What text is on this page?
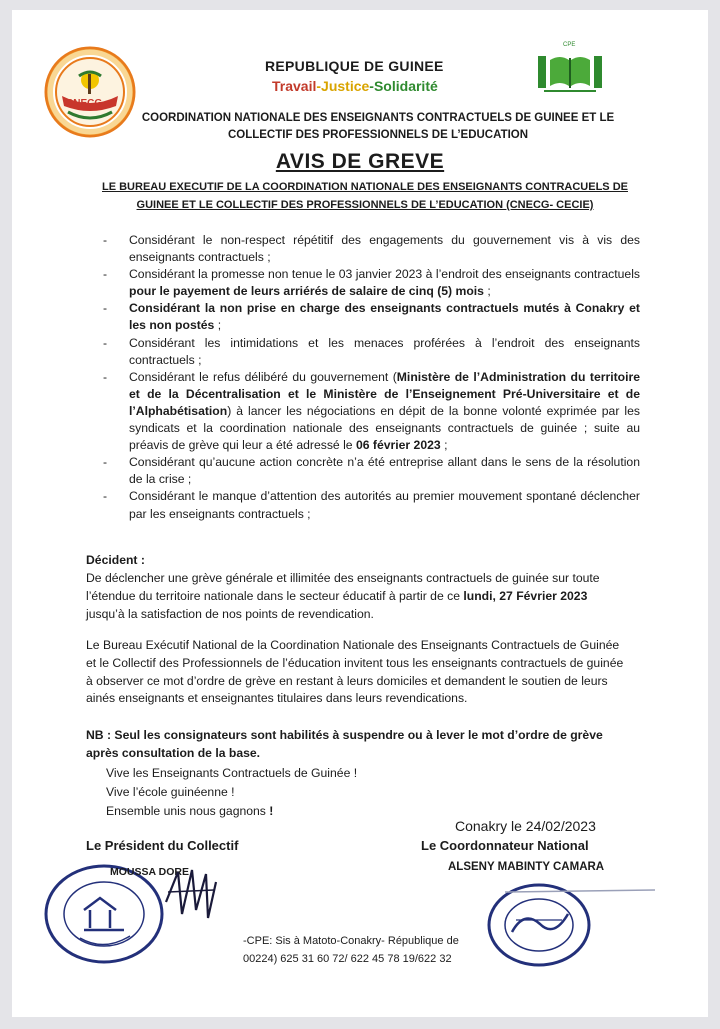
CNECG
CPE
REPUBLIQUE DE GUINEE
Travail-Justice-Solidarité
COORDINATION NATIONALE DES ENSEIGNANTS CONTRACTUELS DE GUINEE ET LE COLLECTIF DES PROFESSIONNELS DE L’EDUCATION
AVIS DE GREVE
LE BUREAU EXECUTIF DE LA COORDINATION NATIONALE DES ENSEIGNANTS CONTRACUELS DE GUINEE ET LE COLLECTIF DES PROFESSIONNELS DE L’EDUCATION (CNECG- CECIE)
- Considérant le non-respect répétitif des engagements du gouvernement vis à vis des enseignants contractuels ;
- Considérant la promesse non tenue le 03 janvier 2023 à l’endroit des enseignants contractuels pour le payement de leurs arriérés de salaire de cinq (5) mois ;
- Considérant la non prise en charge des enseignants contractuels mutés à Conakry et les non postés ;
- Considérant les intimidations et les menaces proférées à l’endroit des enseignants contractuels ;
- Considérant le refus délibéré du gouvernement (Ministère de l’Administration du territoire et de la Décentralisation et le Ministère de l’Enseignement Pré-Universitaire et de l’Alphabétisation) à lancer les négociations en dépit de la bonne volonté exprimée par les syndicats et la coordination nationale des enseignants contractuels de guinée ; suite au préavis de grève qui leur a été adressé le 06 février 2023 ;
- Considérant qu’aucune action concrète n’a été entreprise allant dans le sens de la résolution de la crise ;
- Considérant le manque d’attention des autorités au premier mouvement spontané déclencher par les enseignants contractuels ;
Décident :
De déclencher une grève générale et illimitée des enseignants contractuels de guinée sur toute l’étendue du territoire nationale dans le secteur éducatif à partir de ce lundi, 27 Février 2023 jusqu’à la satisfaction de nos points de revendication.
Le Bureau Exécutif National de la Coordination Nationale des Enseignants Contractuels de Guinée et le Collectif des Professionnels de l’éducation invitent tous les enseignants contractuels de guinée à observer ce mot d’ordre de grève en restant à leurs domiciles et demandent le soutien de leurs ainés enseignants et enseignantes titulaires dans leurs revendications.
NB : Seul les consignateurs sont habilités à suspendre ou à lever le mot d’ordre de grève après consultation de la base.
Vive les Enseignants Contractuels de Guinée !
Vive l’école guinéenne !
Ensemble unis nous gagnons !
Conakry le 24/02/2023
Le Président du Collectif	Le Coordonnateur National
ALSENY MABINTY CAMARA
MOUSSA DORE
-CPE: Sis à Matoto-Conakry- République de
00224) 625 31 60 72/ 622 45 78 19/622 32
